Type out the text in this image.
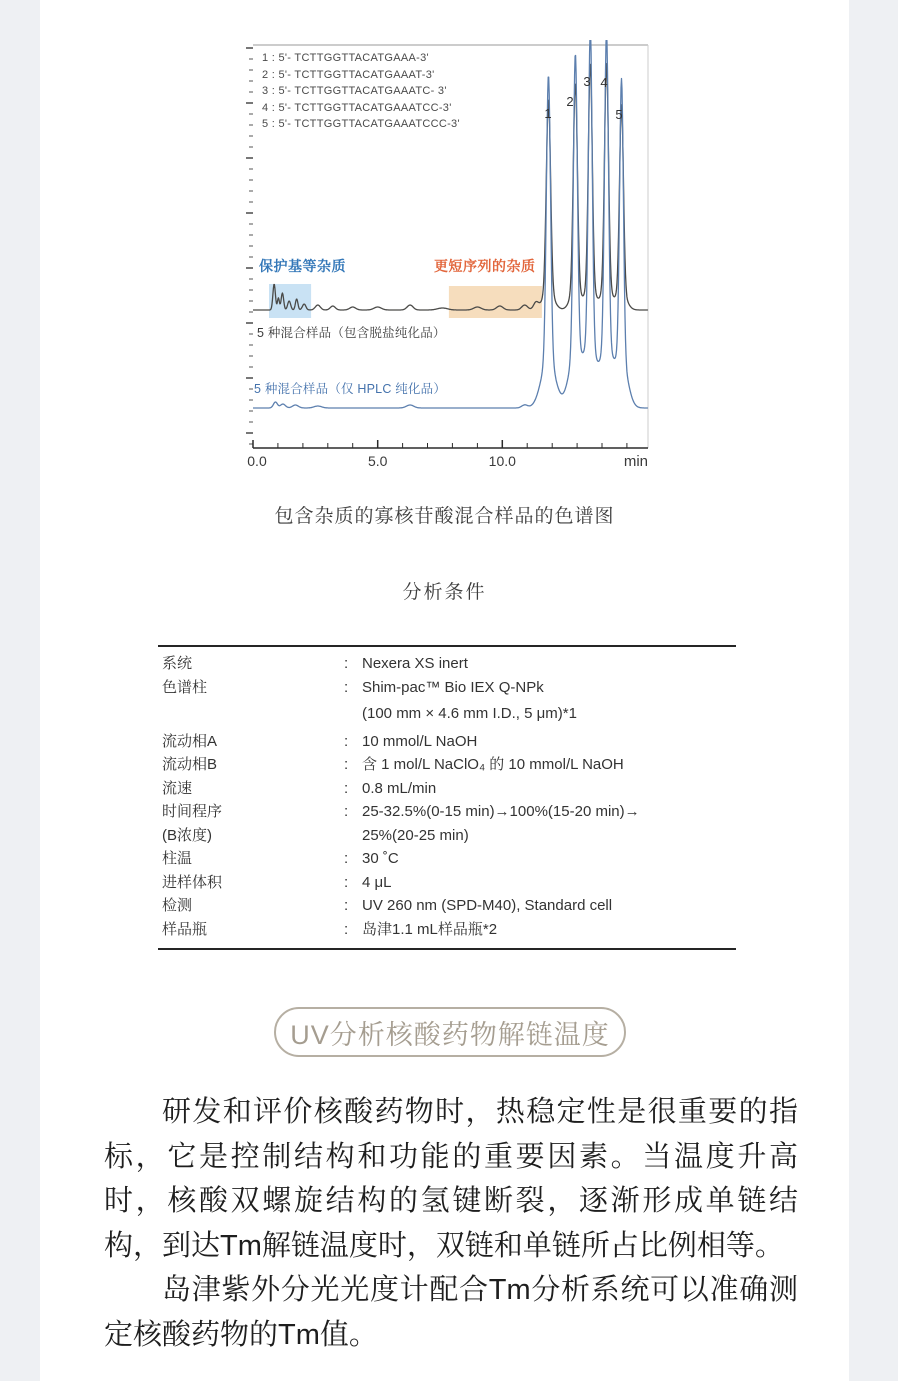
0.0	5.0	10.0	min
1
2
3 4
5
1 : 5'- TCTTGGTTACATGAAA-3'
2 : 5'- TCTTGGTTACATGAAAT-3'
3 : 5'- TCTTGGTTACATGAAATC- 3'
4 : 5'- TCTTGGTTACATGAAATCC-3'
5 : 5'- TCTTGGTTACATGAAATCCC-3'
保护基等杂质	更短序列的杂质
5 种混合样品（包含脱盐纯化品）
5 种混合样品（仅 HPLC 纯化品）
包含杂质的寡核苷酸混合样品的色谱图
分析条件
系统	: Nexera XS inert
色谱柱	: Shim-pac™ Bio IEX Q-NPk
(100 mm × 4.6 mm I.D., 5 μm)*1
流动相A	: 10 mmol/L NaOH
流动相B	: 含 1 mol/L NaClO₄ 的 10 mmol/L NaOH
流速	: 0.8 mL/min
时间程序	: 25-32.5%(0-15 min)→100%(15-20 min)→
(B浓度)	25%(20-25 min)
柱温	: 30 ˚C
进样体积	: 4 μL
检测	: UV 260 nm (SPD-M40), Standard cell
样品瓶	: 岛津1.1 mL样品瓶*2
UV分析核酸药物解链温度

研发和评价核酸药物时，热稳定性是很重要的指标，它是控制结构和功能的重要因素。当温度升高时，核酸双螺旋结构的氢键断裂，逐渐形成单链结构，到达Tm解链温度时，双链和单链所占比例相等。

岛津紫外分光光度计配合Tm分析系统可以准确测定核酸药物的Tm值。
